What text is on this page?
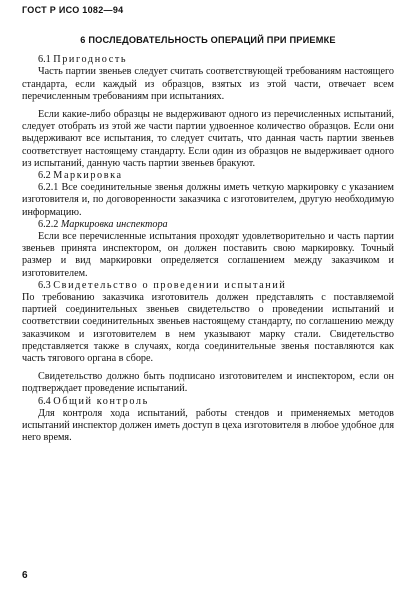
ГОСТ Р ИСО 1082—94
6 ПОСЛЕДОВАТЕЛЬНОСТЬ ОПЕРАЦИЙ ПРИ ПРИЕМКЕ

6.1 Пригодность

Часть партии звеньев следует считать соответствующей требованиям настоящего стандарта, если каждый из образцов, взятых из этой части, отвечает всем перечисленным требованиям при испытаниях.

Если какие-либо образцы не выдерживают одного из перечисленных испытаний, следует отобрать из этой же части партии удвоенное количество образцов. Если они выдерживают все испытания, то следует считать, что данная часть партии звеньев соответствует настоящему стандарту. Если один из образцов не выдерживает одного из испытаний, данную часть партии звеньев бракуют.

6.2 Маркировка

6.2.1 Все соединительные звенья должны иметь четкую маркировку с указанием изготовителя и, по договоренности заказчика с изготовителем, другую необходимую информацию.

6.2.2 Маркировка инспектора

Если все перечисленные испытания проходят удовлетворительно и часть партии звеньев принята инспектором, он должен поставить свою маркировку. Точный размер и вид маркировки определяется соглашением между заказчиком и изготовителем.

6.3 Свидетельство о проведении испытаний

По требованию заказчика изготовитель должен представлять с поставляемой партией соединительных звеньев свидетельство о проведении испытаний и соответствии соединительных звеньев настоящему стандарту, по соглашению между заказчиком и изготовителем в нем указывают марку стали. Свидетельство представляется также в случаях, когда соединительные звенья поставляются как часть тягового органа в сборе.

Свидетельство должно быть подписано изготовителем и инспектором, если он подтверждает проведение испытаний.

6.4 Общий контроль

Для контроля хода испытаний, работы стендов и применяемых методов испытаний инспектор должен иметь доступ в цеха изготовителя в любое удобное для него время.

6
